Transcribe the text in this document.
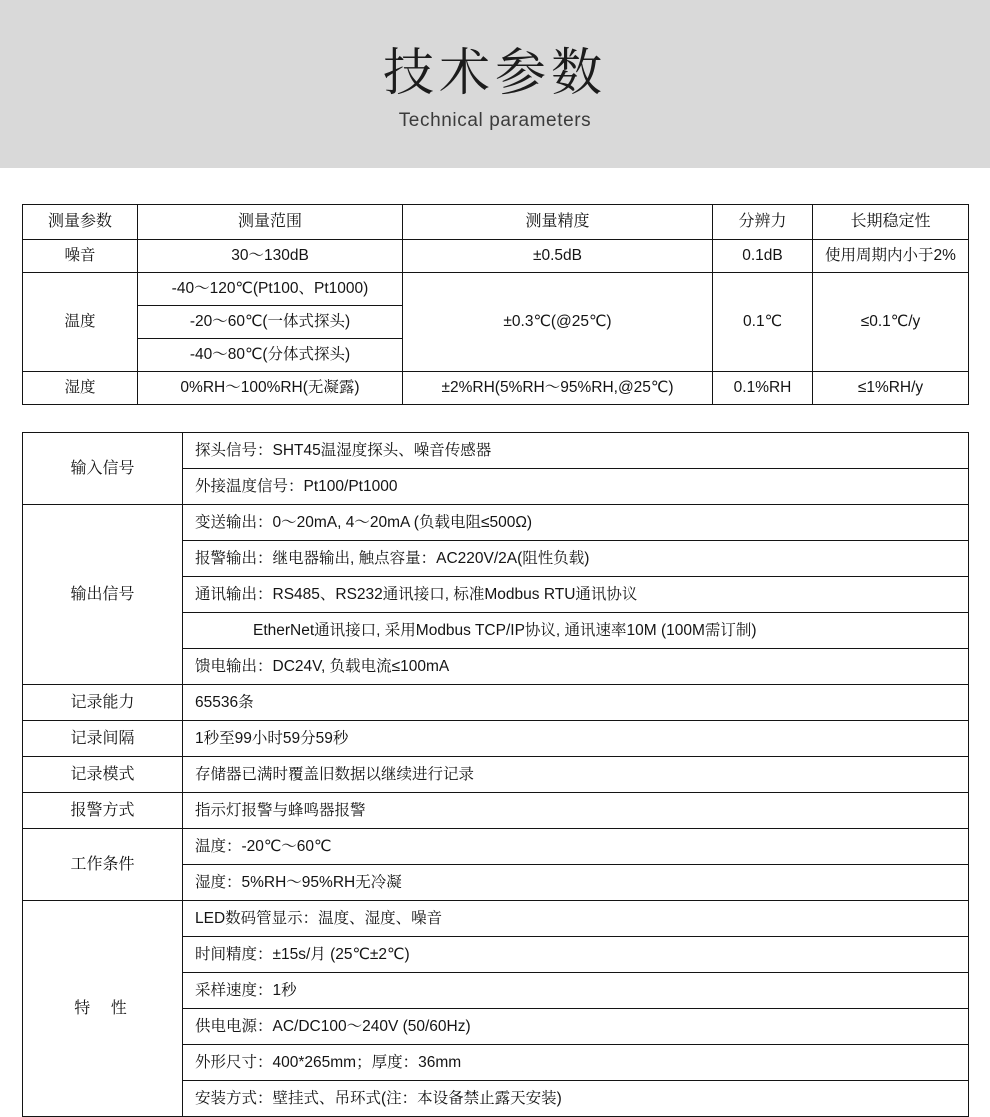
技术参数
Technical parameters
测量参数	测量范围	测量精度	分辨力	长期稳定性
噪音	30～130dB	±0.5dB	0.1dB	使用周期内小于2%
温度	-40～120℃(Pt100、Pt1000)	±0.3℃(@25℃)	0.1℃	≤0.1℃/y
	-20～60℃(一体式探头)			
	-40～80℃(分体式探头)			
湿度	0%RH～100%RH(无凝露)	±2%RH(5%RH～95%RH,@25℃)	0.1%RH	≤1%RH/y
输入信号	探头信号：SHT45温湿度探头、噪音传感器
	外接温度信号：Pt100/Pt1000
输出信号	变送输出：0～20mA, 4～20mA (负载电阻≤500Ω)
	报警输出：继电器输出, 触点容量：AC220V/2A(阻性负载)
	通讯输出：RS485、RS232通讯接口, 标准Modbus RTU通讯协议
	EtherNet通讯接口, 采用Modbus TCP/IP协议, 通讯速率10M (100M需订制)
	馈电输出：DC24V, 负载电流≤100mA
记录能力	65536条
记录间隔	1秒至99小时59分59秒
记录模式	存储器已满时覆盖旧数据以继续进行记录
报警方式	指示灯报警与蜂鸣器报警
工作条件	温度：-20℃～60℃
	湿度：5%RH～95%RH无冷凝
特 性	LED数码管显示：温度、湿度、噪音
	时间精度：±15s/月 (25℃±2℃)
	采样速度：1秒
	供电电源：AC/DC100～240V (50/60Hz)
	外形尺寸：400*265mm；厚度：36mm
	安装方式：壁挂式、吊环式(注：本设备禁止露天安装)
